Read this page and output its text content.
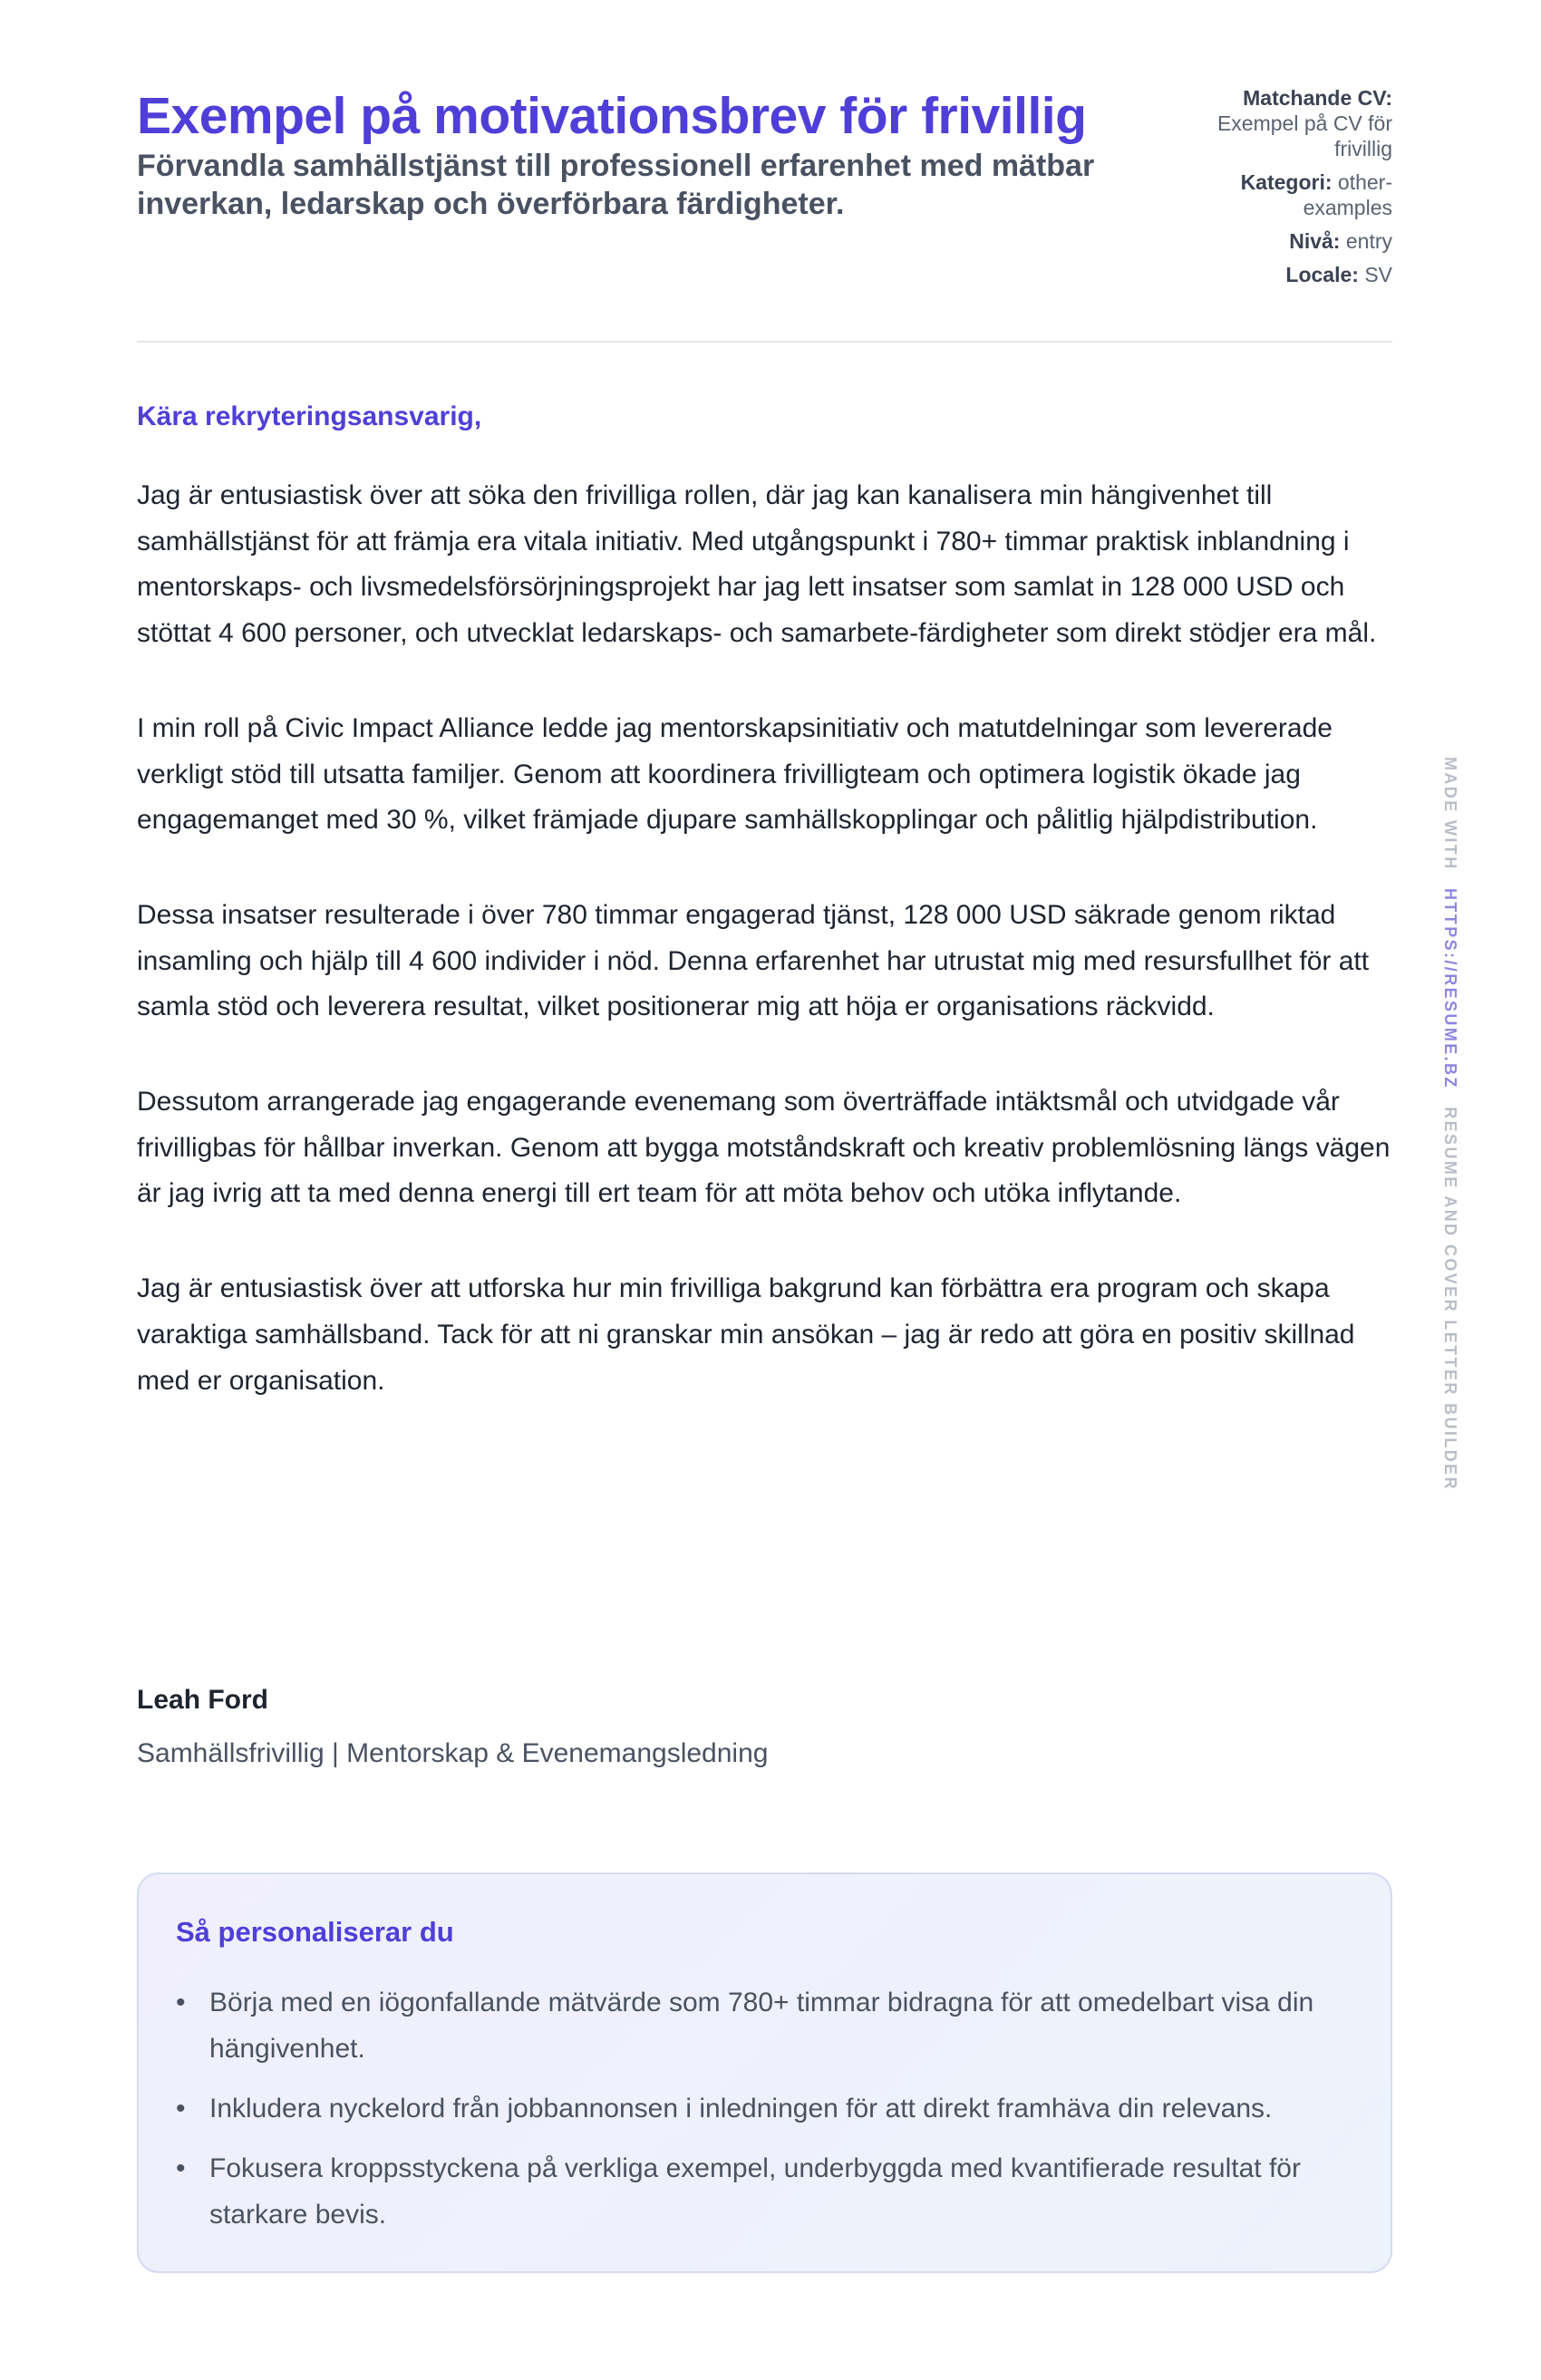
Exempel på motivationsbrev för frivillig
Förvandla samhällstjänst till professionell erfarenhet med mätbar inverkan, ledarskap och överförbara färdigheter.
Matchande CV: Exempel på CV för frivillig
Kategori: other-examples
Nivå: entry
Locale: SV
Kära rekryteringsansvarig,

Jag är entusiastisk över att söka den frivilliga rollen, där jag kan kanalisera min hängivenhet till samhällstjänst för att främja era vitala initiativ. Med utgångspunkt i 780+ timmar praktisk inblandning i mentorskaps- och livsmedelsförsörjningsprojekt har jag lett insatser som samlat in 128 000 USD och stöttat 4 600 personer, och utvecklat ledarskaps- och samarbete-färdigheter som direkt stödjer era mål.

I min roll på Civic Impact Alliance ledde jag mentorskapsinitiativ och matutdelningar som levererade verkligt stöd till utsatta familjer. Genom att koordinera frivilligteam och optimera logistik ökade jag engagemanget med 30 %, vilket främjade djupare samhällskopplingar och pålitlig hjälpdistribution.

Dessa insatser resulterade i över 780 timmar engagerad tjänst, 128 000 USD säkrade genom riktad insamling och hjälp till 4 600 individer i nöd. Denna erfarenhet har utrustat mig med resursfullhet för att samla stöd och leverera resultat, vilket positionerar mig att höja er organisations räckvidd.

Dessutom arrangerade jag engagerande evenemang som överträffade intäktsmål och utvidgade vår frivilligbas för hållbar inverkan. Genom att bygga motståndskraft och kreativ problemlösning längs vägen är jag ivrig att ta med denna energi till ert team för att möta behov och utöka inflytande.

Jag är entusiastisk över att utforska hur min frivilliga bakgrund kan förbättra era program och skapa varaktiga samhällsband. Tack för att ni granskar min ansökan – jag är redo att göra en positiv skillnad med er organisation.

Leah Ford
Samhällsfrivillig | Mentorskap & Evenemangsledning
Så personaliserar du
• Börja med en iögonfallande mätvärde som 780+ timmar bidragna för att omedelbart visa din hängivenhet.
• Inkludera nyckelord från jobbannonsen i inledningen för att direkt framhäva din relevans.
• Fokusera kroppsstyckena på verkliga exempel, underbyggda med kvantifierade resultat för starkare bevis.
MADE WITH HTTPS://RESUME.BZ RESUME AND COVER LETTER BUILDER
